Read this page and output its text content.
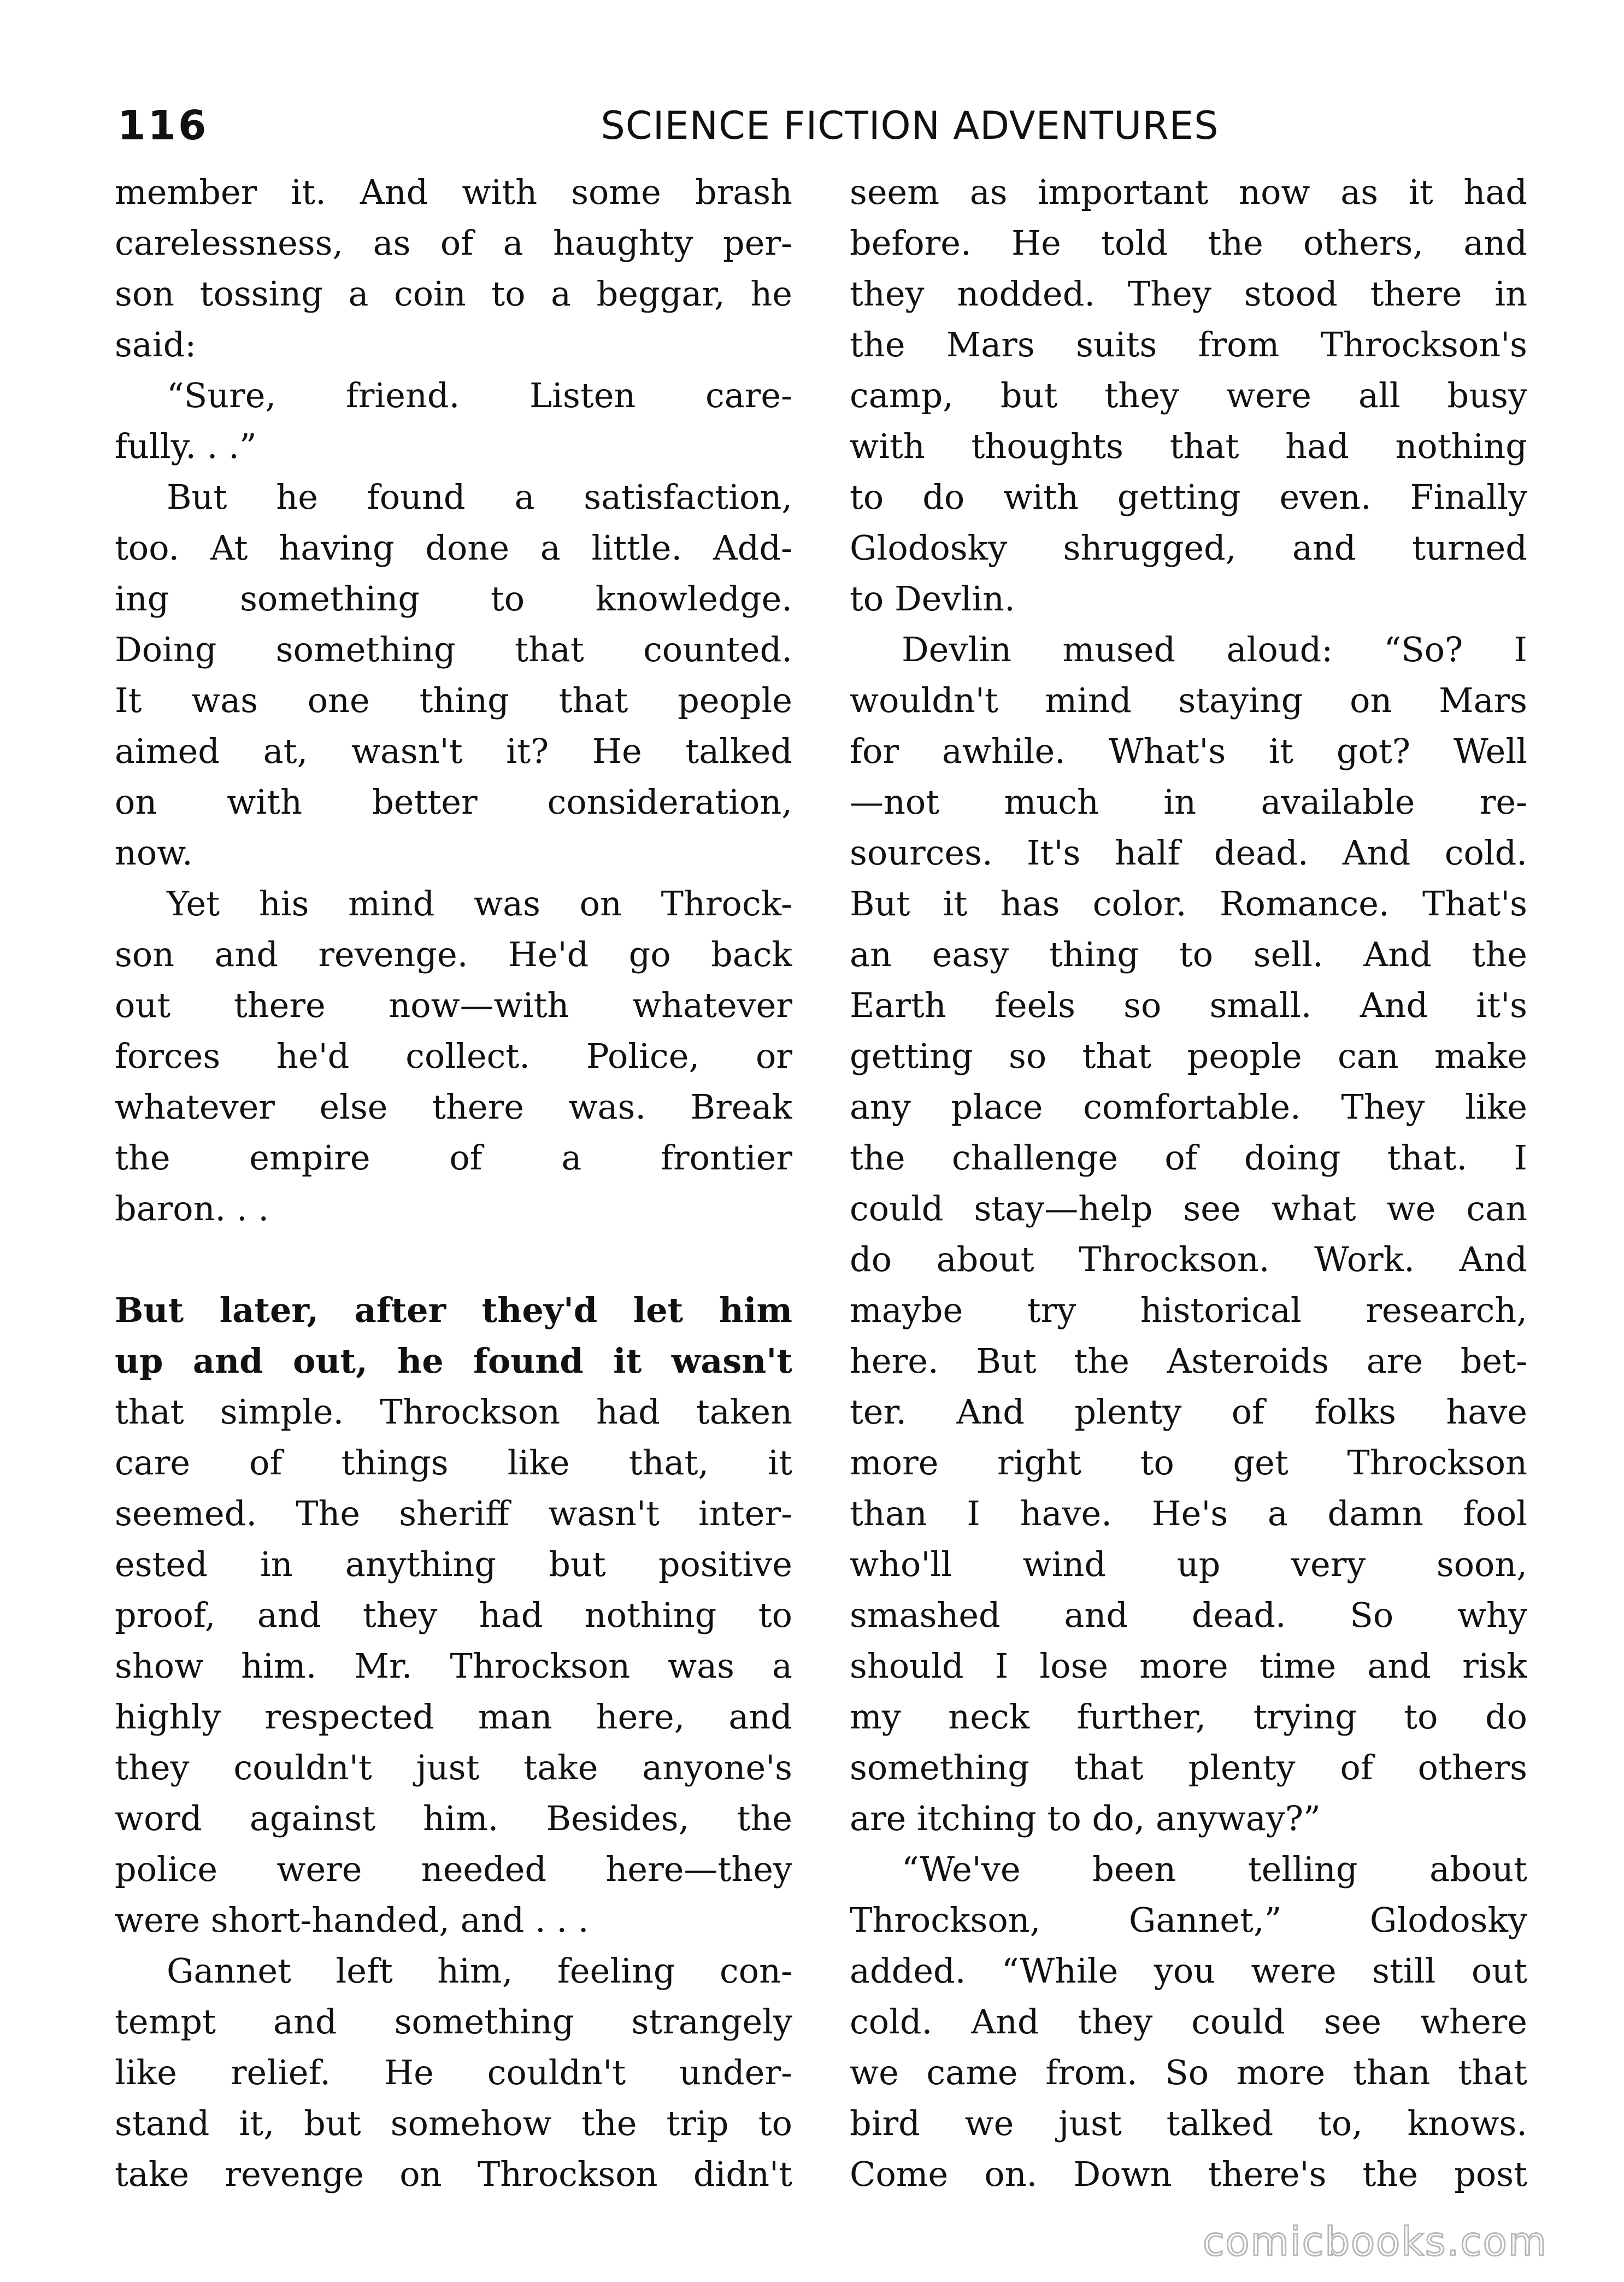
116	SCIENCE FICTION ADVENTURES
member it. And with some brash
carelessness, as of a haughty per-
son tossing a coin to a beggar, he
said:
“Sure, friend. Listen care-
fully. . .”
But he found a satisfaction,
too. At having done a little. Add-
ing something to knowledge.
Doing something that counted.
It was one thing that people
aimed at, wasn't it? He talked
on with better consideration,
now.
Yet his mind was on Throck-
son and revenge. He'd go back
out there now—with whatever
forces he'd collect. Police, or
whatever else there was. Break
the empire of a frontier
baron. . .
But later, after they'd let him
up and out, he found it wasn't
that simple. Throckson had taken
care of things like that, it
seemed. The sheriff wasn't inter-
ested in anything but positive
proof, and they had nothing to
show him. Mr. Throckson was a
highly respected man here, and
they couldn't just take anyone's
word against him. Besides, the
police were needed here—they
were short-handed, and . . .
Gannet left him, feeling con-
tempt and something strangely
like relief. He couldn't under-
stand it, but somehow the trip to
take revenge on Throckson didn't
seem as important now as it had
before. He told the others, and
they nodded. They stood there in
the Mars suits from Throckson's
camp, but they were all busy
with thoughts that had nothing
to do with getting even. Finally
Glodosky shrugged, and turned
to Devlin.
Devlin mused aloud: “So? I
wouldn't mind staying on Mars
for awhile. What's it got? Well
—not much in available re-
sources. It's half dead. And cold.
But it has color. Romance. That's
an easy thing to sell. And the
Earth feels so small. And it's
getting so that people can make
any place comfortable. They like
the challenge of doing that. I
could stay—help see what we can
do about Throckson. Work. And
maybe try historical research,
here. But the Asteroids are bet-
ter. And plenty of folks have
more right to get Throckson
than I have. He's a damn fool
who'll wind up very soon,
smashed and dead. So why
should I lose more time and risk
my neck further, trying to do
something that plenty of others
are itching to do, anyway?”
“We've been telling about
Throckson, Gannet,” Glodosky
added. “While you were still out
cold. And they could see where
we came from. So more than that
bird we just talked to, knows.
Come on. Down there's the post
comicbooks.com
